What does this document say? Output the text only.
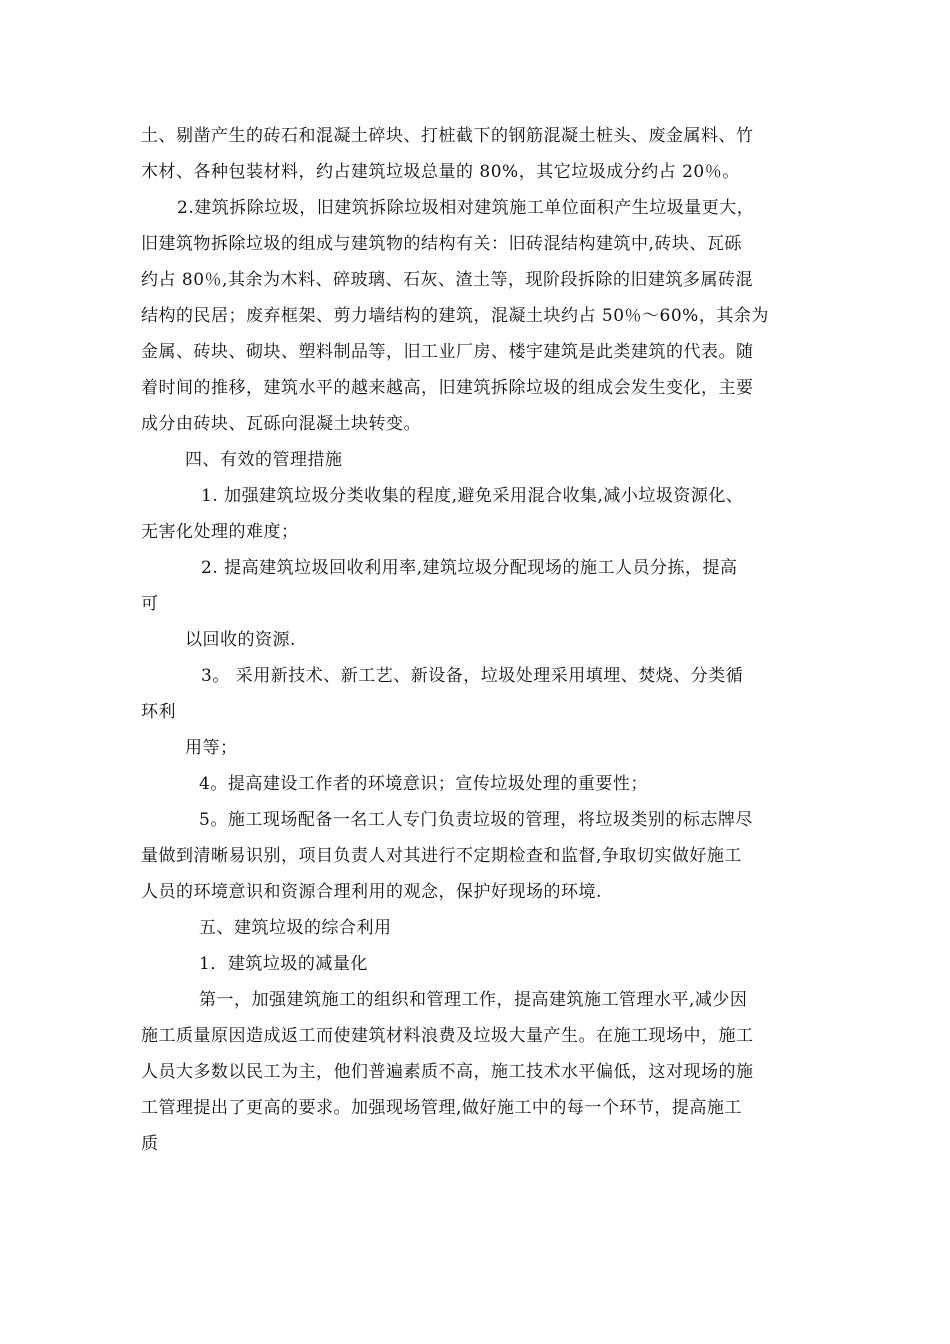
土、剔凿产生的砖石和混凝土碎块、打桩截下的钢筋混凝土桩头、废金属料、竹
木材、各种包装材料，约占建筑垃圾总量的 80%，其它垃圾成分约占 20％。
2.建筑拆除垃圾，旧建筑拆除垃圾相对建筑施工单位面积产生垃圾量更大，
旧建筑物拆除垃圾的组成与建筑物的结构有关：旧砖混结构建筑中,砖块、瓦砾
约占 80％,其余为木料、碎玻璃、石灰、渣土等，现阶段拆除的旧建筑多属砖混
结构的民居；废弃框架、剪力墙结构的建筑，混凝土块约占 50％～60%，其余为
金属、砖块、砌块、塑料制品等，旧工业厂房、楼宇建筑是此类建筑的代表。随
着时间的推移，建筑水平的越来越高，旧建筑拆除垃圾的组成会发生变化，主要
成分由砖块、瓦砾向混凝土块转变。
四、有效的管理措施
1. 加强建筑垃圾分类收集的程度,避免采用混合收集,减小垃圾资源化、
无害化处理的难度；
2. 提高建筑垃圾回收利用率,建筑垃圾分配现场的施工人员分拣，提高
可
以回收的资源.
3。 采用新技术、新工艺、新设备，垃圾处理采用填埋、焚烧、分类循
环利
用等；
4。提高建设工作者的环境意识；宣传垃圾处理的重要性；
5。施工现场配备一名工人专门负责垃圾的管理，将垃圾类别的标志牌尽
量做到清晰易识别，项目负责人对其进行不定期检查和监督,争取切实做好施工
人员的环境意识和资源合理利用的观念，保护好现场的环境.
五、建筑垃圾的综合利用
1．建筑垃圾的减量化
第一，加强建筑施工的组织和管理工作，提高建筑施工管理水平,减少因
施工质量原因造成返工而使建筑材料浪费及垃圾大量产生。在施工现场中，施工
人员大多数以民工为主，他们普遍素质不高，施工技术水平偏低，这对现场的施
工管理提出了更高的要求。加强现场管理,做好施工中的每一个环节，提高施工
质
